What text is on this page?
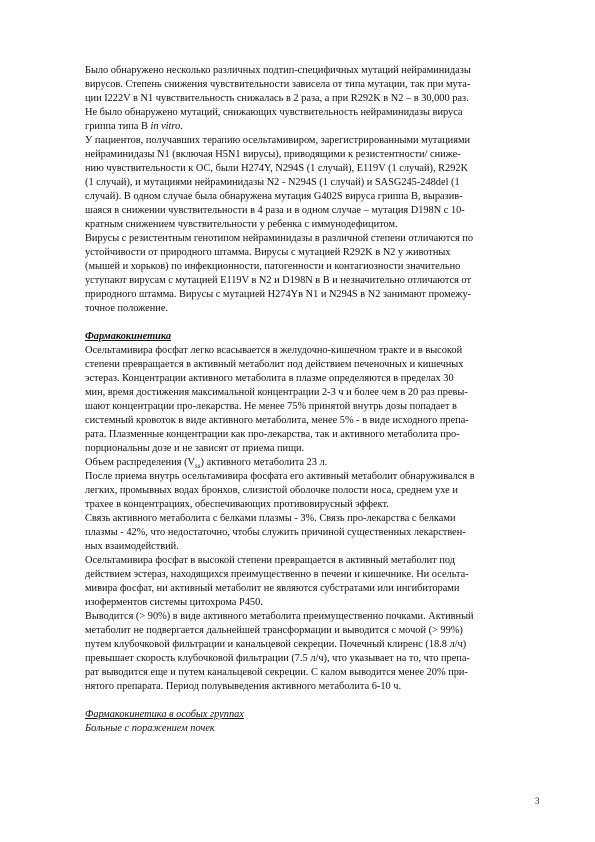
Было обнаружено несколько различных подтип-специфичных мутаций нейраминидазы
вирусов. Степень снижения чувствительности зависела от типа мутации, так при мута-
ции I222V в N1 чувствительность снижалась в 2 раза, а при R292K в N2 – в 30,000 раз.
Не было обнаружено мутаций, снижающих чувствительность нейраминидазы вируса
гриппа типа B in vitro.
У пациентов, получавших терапию осельтамивиром, зарегистрированными мутациями
нейраминидазы N1 (включая H5N1 вирусы), приводящими к резистентности/ сниже-
нию чувствительности к ОС, были H274Y, N294S (1 случай), E119V (1 случай), R292K
(1 случай), и мутациями нейраминидазы N2 - N294S (1 случай) и SASG245-248del (1
случай). В одном случае была обнаружена мутация G402S вируса гриппа В, выразив-
шаяся в снижении чувствительности в 4 раза и в одном случае – мутация D198N с 10-
кратным снижением чувствительности у ребенка с иммунодефицитом.
Вирусы с резистентным генотипом нейраминидазы в различной степени отличаются по
устойчивости от природного штамма. Вирусы с мутацией R292K в N2 у животных
(мышей и хорьков) по инфекционности, патогенности и контагиозности значительно
уступают вирусам с мутацией E119V в N2 и D198N в B и незначительно отличаются от
природного штамма. Вирусы с мутацией H274Yв N1 и N294S в N2 занимают промежу-
точное положение.
Фармакокинетика
Осельтамивира фосфат легко всасывается в желудочно-кишечном тракте и в высокой
степени превращается в активный метаболит под действием печеночных и кишечных
эстераз. Концентрации активного метаболита в плазме определяются в пределах 30
мин, время достижения максимальной концентрации 2-3 ч и более чем в 20 раз превы-
шают концентрации про-лекарства. Не менее 75% принятой внутрь дозы попадает в
системный кровоток в виде активного метаболита, менее 5% - в виде исходного препа-
рата. Плазменные концентрации как про-лекарства, так и активного метаболита про-
порциональны дозе и не зависят от приема пищи.
Объем распределения $(V_{ss})$ активного метаболита 23 л.
После приема внутрь осельтамивира фосфата его активный метаболит обнаруживался в
легких, промывных водах бронхов, слизистой оболочке полости носа, среднем ухе и
трахее в концентрациях, обеспечивающих противовирусный эффект.
Связь активного метаболита с белками плазмы - 3%. Связь про-лекарства с белками
плазмы - 42%, что недостаточно, чтобы служить причиной существенных лекарствен-
ных взаимодействий.
Осельтамивира фосфат в высокой степени превращается в активный метаболит под
действием эстераз, находящихся преимущественно в печени и кишечнике. Ни осельта-
мивира фосфат, ни активный метаболит не являются субстратами или ингибиторами
изоферментов системы цитохрома P450.
Выводится (> 90%) в виде активного метаболита преимущественно почками. Активный
метаболит не подвергается дальнейшей трансформации и выводится с мочой (> 99%)
путем клубочковой фильтрации и канальцевой секреции. Почечный клиренс (18.8 л/ч)
превышает скорость клубочковой фильтрации (7.5 л/ч), что указывает на то, что препа-
рат выводится еще и путем канальцевой секреции. С калом выводится менее 20% при-
нятого препарата. Период полувыведения активного метаболита 6-10 ч.
Фармакокинетика в особых группах
Больные с поражением почек
3
